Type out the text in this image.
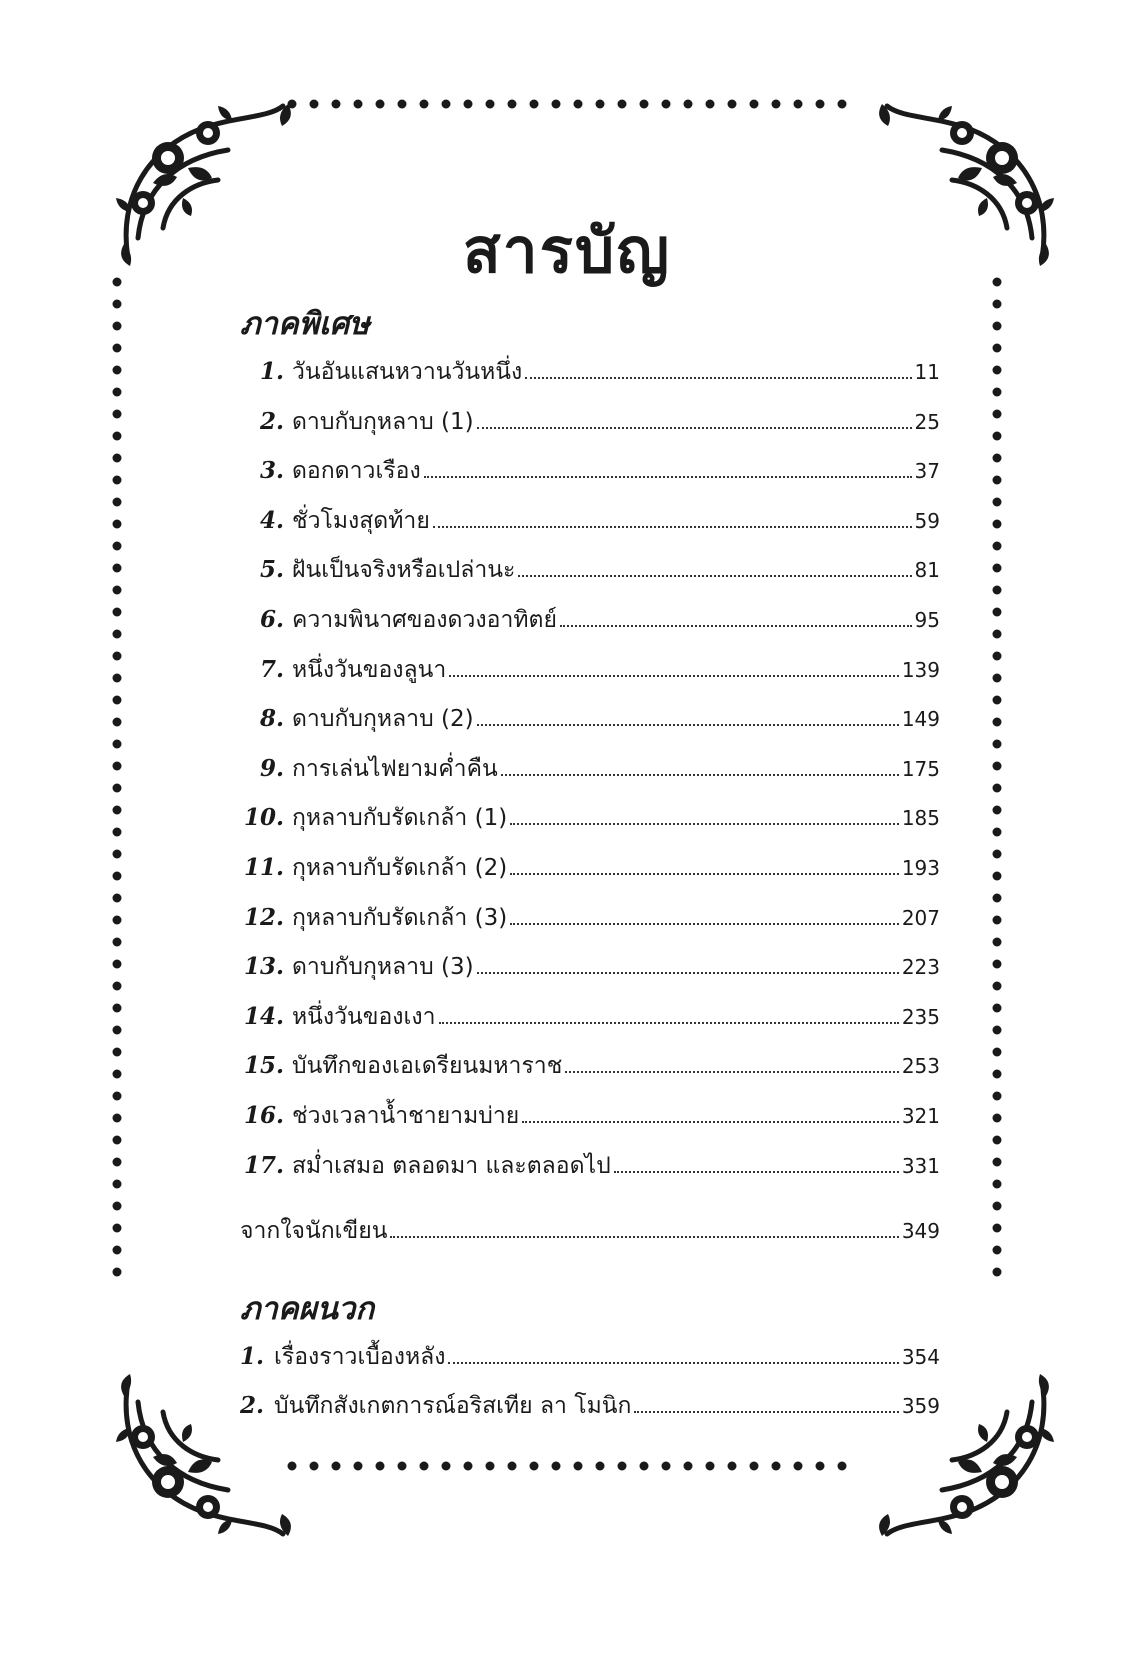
สารบัญ
ภาคพิเศษ
1. วันอันแสนหวานวันหนึ่ง	11
2. ดาบกับกุหลาบ (1)	25
3. ดอกดาวเรือง	37
4. ชั่วโมงสุดท้าย	59
5. ฝันเป็นจริงหรือเปล่านะ	81
6. ความพินาศของดวงอาทิตย์	95
7. หนึ่งวันของลูนา	139
8. ดาบกับกุหลาบ (2)	149
9. การเล่นไฟยามค่ำคืน	175
10. กุหลาบกับรัดเกล้า (1)	185
11. กุหลาบกับรัดเกล้า (2)	193
12. กุหลาบกับรัดเกล้า (3)	207
13. ดาบกับกุหลาบ (3)	223
14. หนึ่งวันของเงา	235
15. บันทึกของเอเดรียนมหาราช	253
16. ช่วงเวลาน้ำชายามบ่าย	321
17. สม่ำเสมอ ตลอดมา และตลอดไป	331
จากใจนักเขียน	349
ภาคผนวก
1. เรื่องราวเบื้องหลัง	354
2. บันทึกสังเกตการณ์อริสเทีย ลา โมนิก	359
